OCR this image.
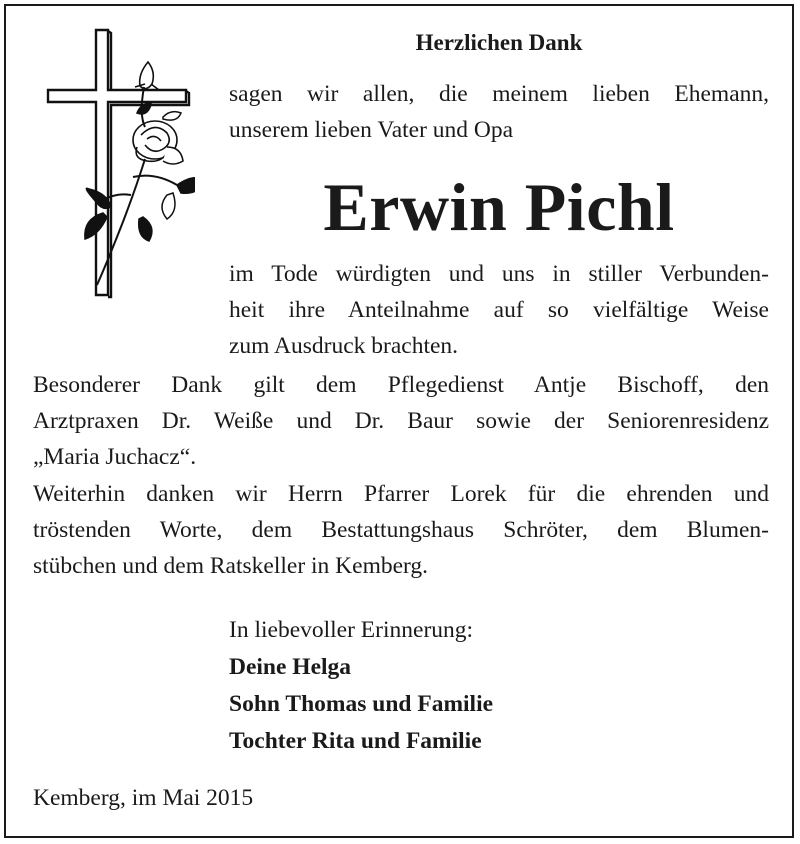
Herzlichen Dank
sagen wir allen, die meinem lieben Ehemann,
unserem lieben Vater und Opa
Erwin Pichl
im Tode würdigten und uns in stiller Verbunden-
heit ihre Anteilnahme auf so vielfältige Weise
zum Ausdruck brachten.
Besonderer Dank gilt dem Pflegedienst Antje Bischoff, den
Arztpraxen Dr. Weiße und Dr. Baur sowie der Seniorenresidenz
„Maria Juchacz“.
Weiterhin danken wir Herrn Pfarrer Lorek für die ehrenden und
tröstenden Worte, dem Bestattungshaus Schröter, dem Blumen-
stübchen und dem Ratskeller in Kemberg.
In liebevoller Erinnerung:
Deine Helga
Sohn Thomas und Familie
Tochter Rita und Familie
Kemberg, im Mai 2015
